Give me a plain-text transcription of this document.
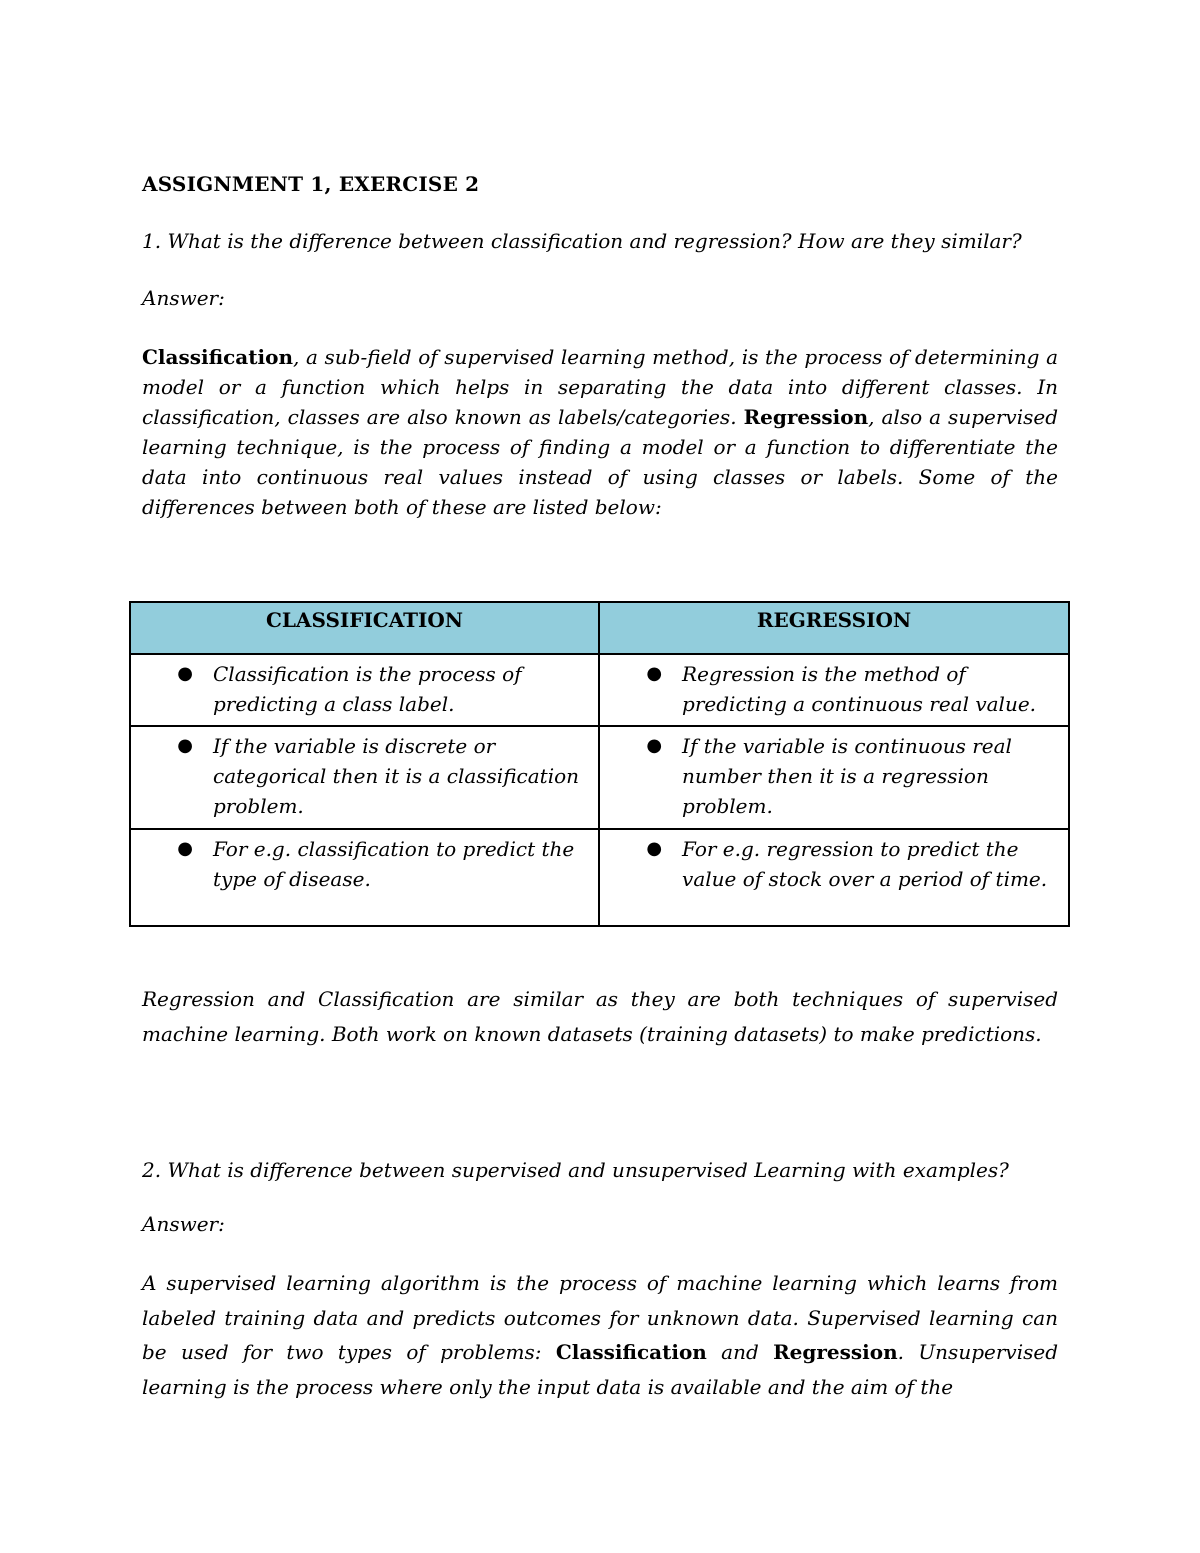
ASSIGNMENT 1, EXERCISE 2
1. What is the difference between classification and regression? How are they similar?
Answer:
Classification, a sub-field of supervised learning method, is the process of determining a model or a function which helps in separating the data into different classes. In classification, classes are also known as labels/categories. Regression, also a supervised learning technique, is the process of finding a model or a function to differentiate the data into continuous real values instead of using classes or labels. Some of the differences between both of these are listed below:
Regression and Classification are similar as they are both techniques of supervised machine learning. Both work on known datasets (training datasets) to make predictions.
2. What is difference between supervised and unsupervised Learning with examples?
Answer:
A supervised learning algorithm is the process of machine learning which learns from labeled training data and predicts outcomes for unknown data. Supervised learning can be used for two types of problems: Classification and Regression. Unsupervised learning is the process where only the input data is available and the aim of the
CLASSIFICATION	REGRESSION

● Classification is the process of predicting a class label.	● Regression is the method of predicting a continuous real value.

● If the variable is discrete or categorical then it is a classification problem.	● If the variable is continuous real number then it is a regression problem.

● For e.g. classification to predict the type of disease.	● For e.g. regression to predict the value of stock over a period of time.
